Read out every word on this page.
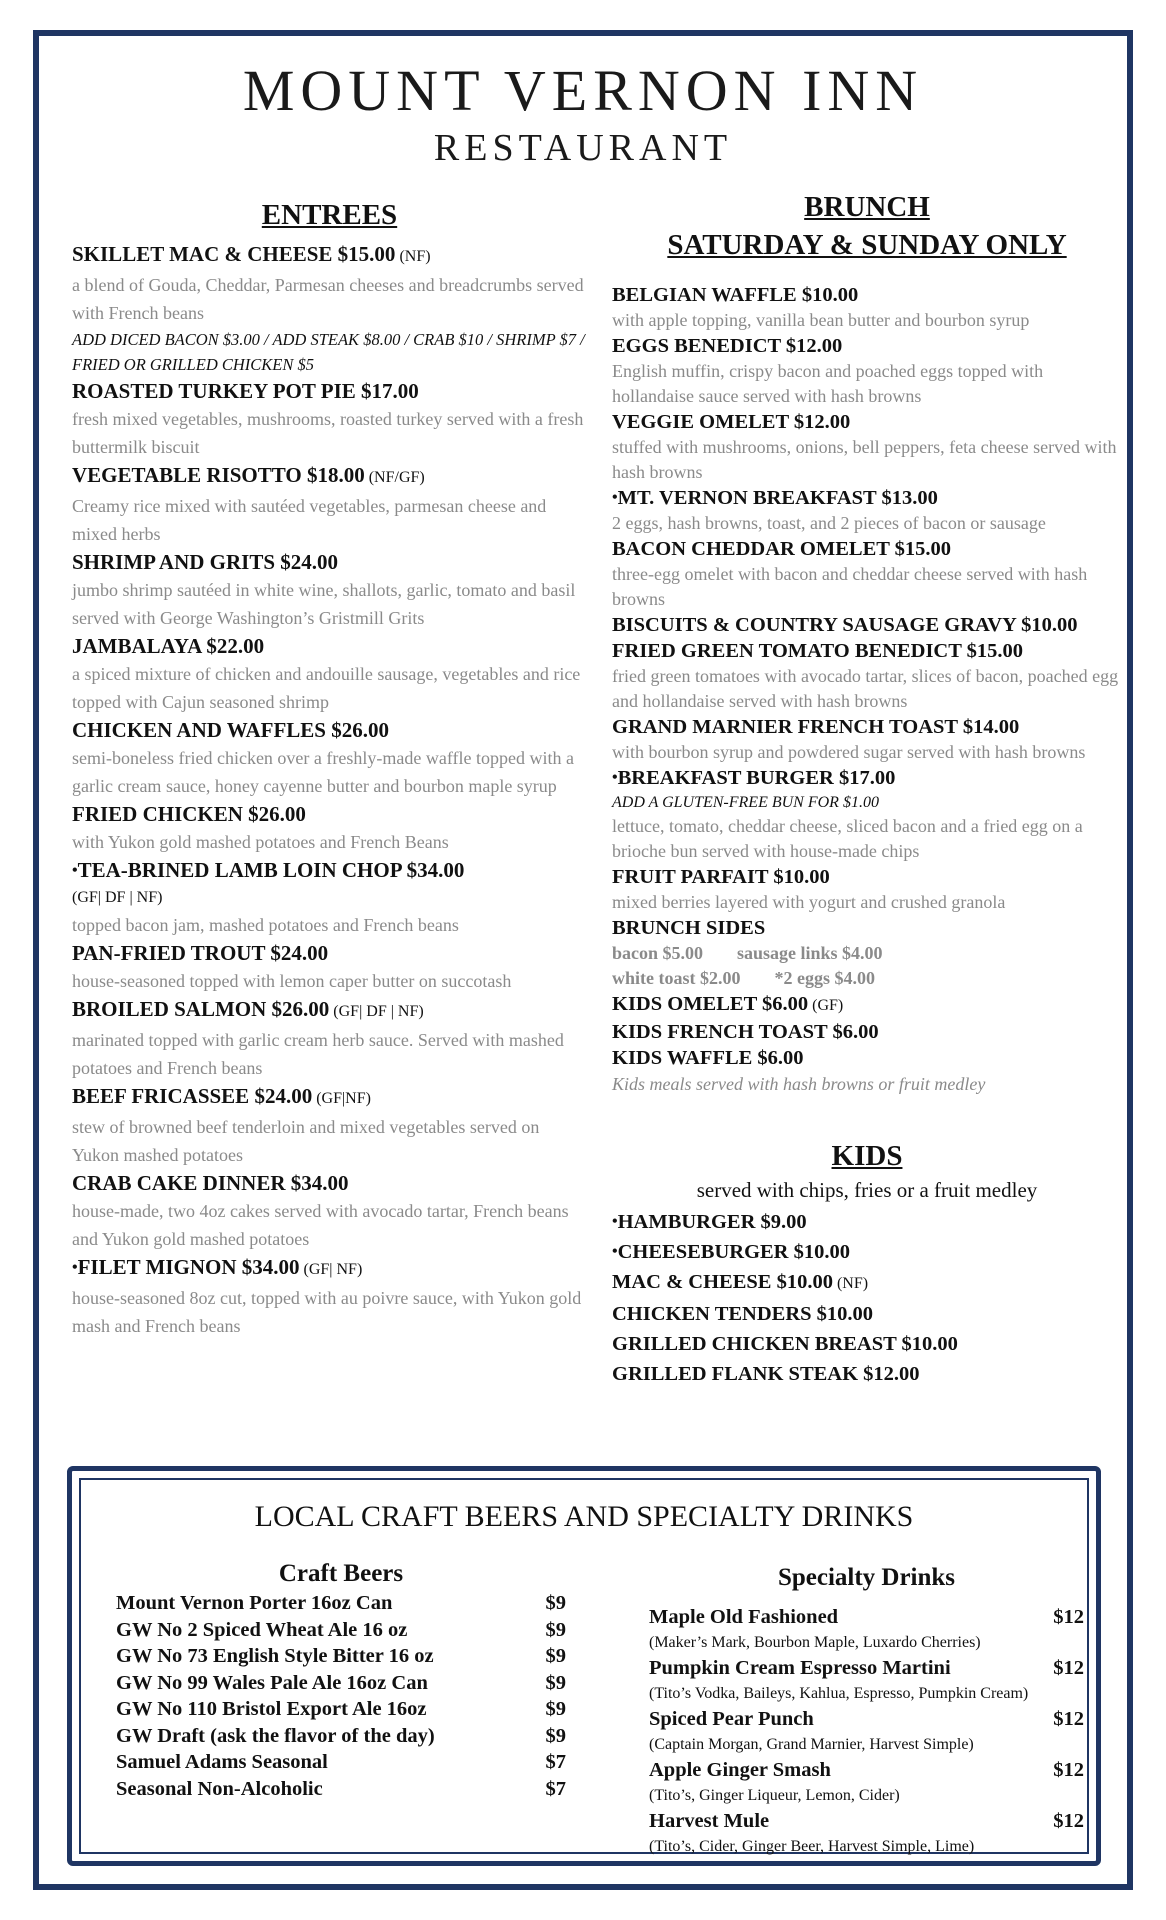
MOUNT VERNON INN
RESTAURANT
ENTREES
SKILLET MAC & CHEESE $15.00 (NF)
a blend of Gouda, Cheddar, Parmesan cheeses and breadcrumbs served with French beans
ADD DICED BACON $3.00 / ADD STEAK $8.00 / CRAB $10 / SHRIMP $7 / FRIED OR GRILLED CHICKEN $5
ROASTED TURKEY POT PIE $17.00
fresh mixed vegetables, mushrooms, roasted turkey served with a fresh buttermilk biscuit
VEGETABLE RISOTTO $18.00 (NF/GF)
Creamy rice mixed with sautéed vegetables, parmesan cheese and mixed herbs
SHRIMP AND GRITS $24.00
jumbo shrimp sautéed in white wine, shallots, garlic, tomato and basil served with George Washington’s Gristmill Grits
JAMBALAYA $22.00
a spiced mixture of chicken and andouille sausage, vegetables and rice topped with Cajun seasoned shrimp
CHICKEN AND WAFFLES $26.00
semi-boneless fried chicken over a freshly-made waffle topped with a garlic cream sauce, honey cayenne butter and bourbon maple syrup
FRIED CHICKEN $26.00
with Yukon gold mashed potatoes and French Beans
•TEA-BRINED LAMB LOIN CHOP $34.00
(GF| DF | NF)
topped bacon jam, mashed potatoes and French beans
PAN-FRIED TROUT $24.00
house-seasoned topped with lemon caper butter on succotash
BROILED SALMON $26.00 (GF| DF | NF)
marinated topped with garlic cream herb sauce. Served with mashed potatoes and French beans
BEEF FRICASSEE $24.00 (GF|NF)
stew of browned beef tenderloin and mixed vegetables served on Yukon mashed potatoes
CRAB CAKE DINNER $34.00
house-made, two 4oz cakes served with avocado tartar, French beans and Yukon gold mashed potatoes
•FILET MIGNON $34.00 (GF| NF)
house-seasoned 8oz cut, topped with au poivre sauce, with Yukon gold mash and French beans
BRUNCH
SATURDAY & SUNDAY ONLY
BELGIAN WAFFLE $10.00
with apple topping, vanilla bean butter and bourbon syrup
EGGS BENEDICT $12.00
English muffin, crispy bacon and poached eggs topped with hollandaise sauce served with hash browns
VEGGIE OMELET $12.00
stuffed with mushrooms, onions, bell peppers, feta cheese served with hash browns
•MT. VERNON BREAKFAST $13.00
2 eggs, hash browns, toast, and 2 pieces of bacon or sausage
BACON CHEDDAR OMELET $15.00
three-egg omelet with bacon and cheddar cheese served with hash browns
BISCUITS & COUNTRY SAUSAGE GRAVY $10.00
FRIED GREEN TOMATO BENEDICT $15.00
fried green tomatoes with avocado tartar, slices of bacon, poached egg and hollandaise served with hash browns
GRAND MARNIER FRENCH TOAST $14.00
with bourbon syrup and powdered sugar served with hash browns
•BREAKFAST BURGER $17.00
ADD A GLUTEN-FREE BUN FOR $1.00
lettuce, tomato, cheddar cheese, sliced bacon and a fried egg on a brioche bun served with house-made chips
FRUIT PARFAIT $10.00
mixed berries layered with yogurt and crushed granola
BRUNCH SIDES
bacon $5.00 sausage links $4.00
white toast $2.00 *2 eggs $4.00
KIDS OMELET $6.00 (GF)
KIDS FRENCH TOAST $6.00
KIDS WAFFLE $6.00
Kids meals served with hash browns or fruit medley
KIDS
served with chips, fries or a fruit medley
•HAMBURGER $9.00
•CHEESEBURGER $10.00
MAC & CHEESE $10.00 (NF)
CHICKEN TENDERS $10.00
GRILLED CHICKEN BREAST $10.00
GRILLED FLANK STEAK $12.00
LOCAL CRAFT BEERS AND SPECIALTY DRINKS
Craft Beers
Mount Vernon Porter 16oz Can	$9
GW No 2 Spiced Wheat Ale 16 oz	$9
GW No 73 English Style Bitter 16 oz	$9
GW No 99 Wales Pale Ale 16oz Can	$9
GW No 110 Bristol Export Ale 16oz	$9
GW Draft (ask the flavor of the day)	$9
Samuel Adams Seasonal	$7
Seasonal Non-Alcoholic	$7
Specialty Drinks
Maple Old Fashioned	$12
(Maker’s Mark, Bourbon Maple, Luxardo Cherries)
Pumpkin Cream Espresso Martini	$12
(Tito’s Vodka, Baileys, Kahlua, Espresso, Pumpkin Cream)
Spiced Pear Punch	$12
(Captain Morgan, Grand Marnier, Harvest Simple)
Apple Ginger Smash	$12
(Tito’s, Ginger Liqueur, Lemon, Cider)
Harvest Mule	$12
(Tito’s, Cider, Ginger Beer, Harvest Simple, Lime)
